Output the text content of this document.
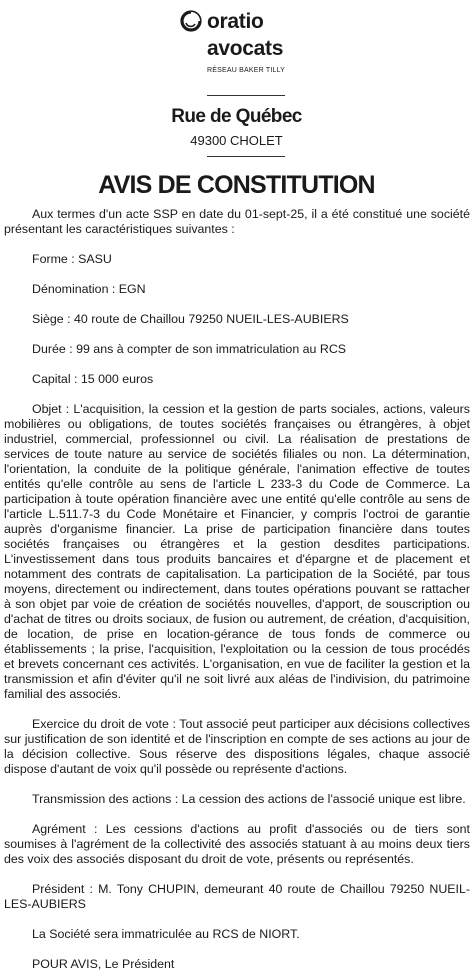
oratio
avocats
RÉSEAU BAKER TILLY
Rue de Québec
49300 CHOLET
AVIS DE CONSTITUTION

Aux termes d'un acte SSP en date du 01-sept-25, il a été constitué une société présentant les caractéristiques suivantes :

Forme : SASU

Dénomination : EGN

Siège : 40 route de Chaillou 79250 NUEIL-LES-AUBIERS

Durée : 99 ans à compter de son immatriculation au RCS

Capital : 15 000 euros

Objet : L'acquisition, la cession et la gestion de parts sociales, actions, valeurs mobilières ou obligations, de toutes sociétés françaises ou étrangères, à objet industriel, commercial, professionnel ou civil. La réalisation de prestations de services de toute nature au service de sociétés filiales ou non. La détermination, l'orientation, la conduite de la politique générale, l'animation effective de toutes entités qu'elle contrôle au sens de l'article L 233-3 du Code de Commerce. La participation à toute opération financière avec une entité qu'elle contrôle au sens de l'article L.511.7-3 du Code Monétaire et Financier, y compris l'octroi de garantie auprès d'organisme financier. La prise de participation financière dans toutes sociétés françaises ou étrangères et la gestion desdites participations. L'investissement dans tous produits bancaires et d'épargne et de placement et notamment des contrats de capitalisation. La participation de la Société, par tous moyens, directement ou indirectement, dans toutes opérations pouvant se rattacher à son objet par voie de création de sociétés nouvelles, d'apport, de souscription ou d'achat de titres ou droits sociaux, de fusion ou autrement, de création, d'acquisition, de location, de prise en location-gérance de tous fonds de commerce ou établissements ; la prise, l'acquisition, l'exploitation ou la cession de tous procédés et brevets concernant ces activités. L'organisation, en vue de faciliter la gestion et la transmission et afin d'éviter qu'il ne soit livré aux aléas de l'indivision, du patrimoine familial des associés.

Exercice du droit de vote : Tout associé peut participer aux décisions collectives sur justification de son identité et de l'inscription en compte de ses actions au jour de la décision collective. Sous réserve des dispositions légales, chaque associé dispose d'autant de voix qu'il possède ou représente d'actions.

Transmission des actions : La cession des actions de l'associé unique est libre.

Agrément : Les cessions d'actions au profit d'associés ou de tiers sont soumises à l'agrément de la collectivité des associés statuant à au moins deux tiers des voix des associés disposant du droit de vote, présents ou représentés.

Président : M. Tony CHUPIN, demeurant 40 route de Chaillou 79250 NUEIL-LES-AUBIERS

La Société sera immatriculée au RCS de NIORT.

POUR AVIS, Le Président
